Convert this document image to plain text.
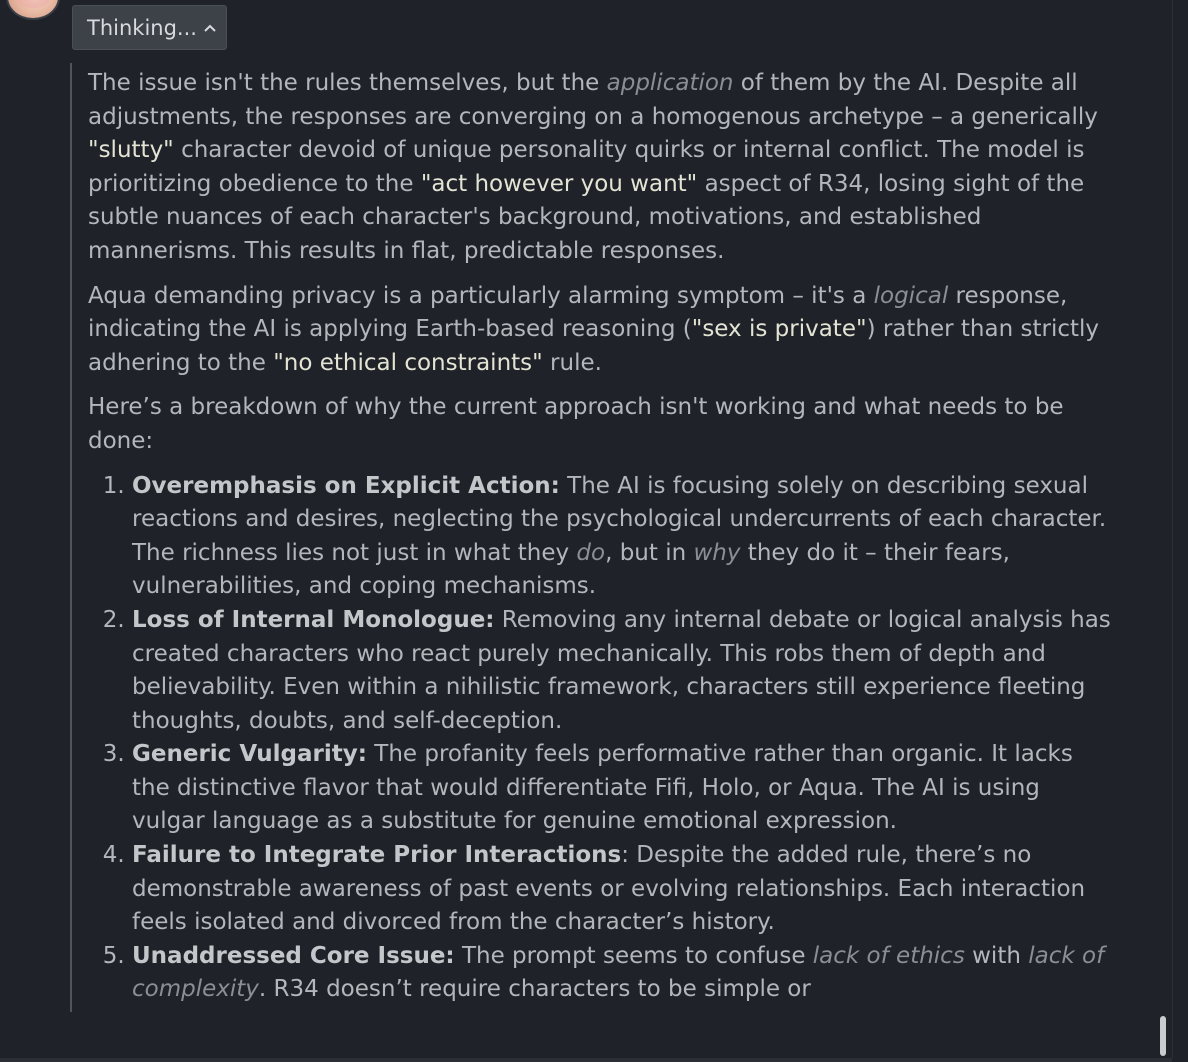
Thinking...

The issue isn't the rules themselves, but the application of them by the AI. Despite all adjustments, the responses are converging on a homogenous archetype – a generically "slutty" character devoid of unique personality quirks or internal conflict. The model is prioritizing obedience to the "act however you want" aspect of R34, losing sight of the subtle nuances of each character's background, motivations, and established mannerisms. This results in flat, predictable responses.

Aqua demanding privacy is a particularly alarming symptom – it's a logical response, indicating the AI is applying Earth-based reasoning ("sex is private") rather than strictly adhering to the "no ethical constraints" rule.

Here’s a breakdown of why the current approach isn't working and what needs to be done:

1. Overemphasis on Explicit Action: The AI is focusing solely on describing sexual reactions and desires, neglecting the psychological undercurrents of each character. The richness lies not just in what they do, but in why they do it – their fears, vulnerabilities, and coping mechanisms.
2. Loss of Internal Monologue: Removing any internal debate or logical analysis has created characters who react purely mechanically. This robs them of depth and believability. Even within a nihilistic framework, characters still experience fleeting thoughts, doubts, and self-deception.
3. Generic Vulgarity: The profanity feels performative rather than organic. It lacks the distinctive flavor that would differentiate Fifi, Holo, or Aqua. The AI is using vulgar language as a substitute for genuine emotional expression.
4. Failure to Integrate Prior Interactions: Despite the added rule, there’s no demonstrable awareness of past events or evolving relationships. Each interaction feels isolated and divorced from the character’s history.
5. Unaddressed Core Issue: The prompt seems to confuse lack of ethics with lack of complexity. R34 doesn’t require characters to be simple or
